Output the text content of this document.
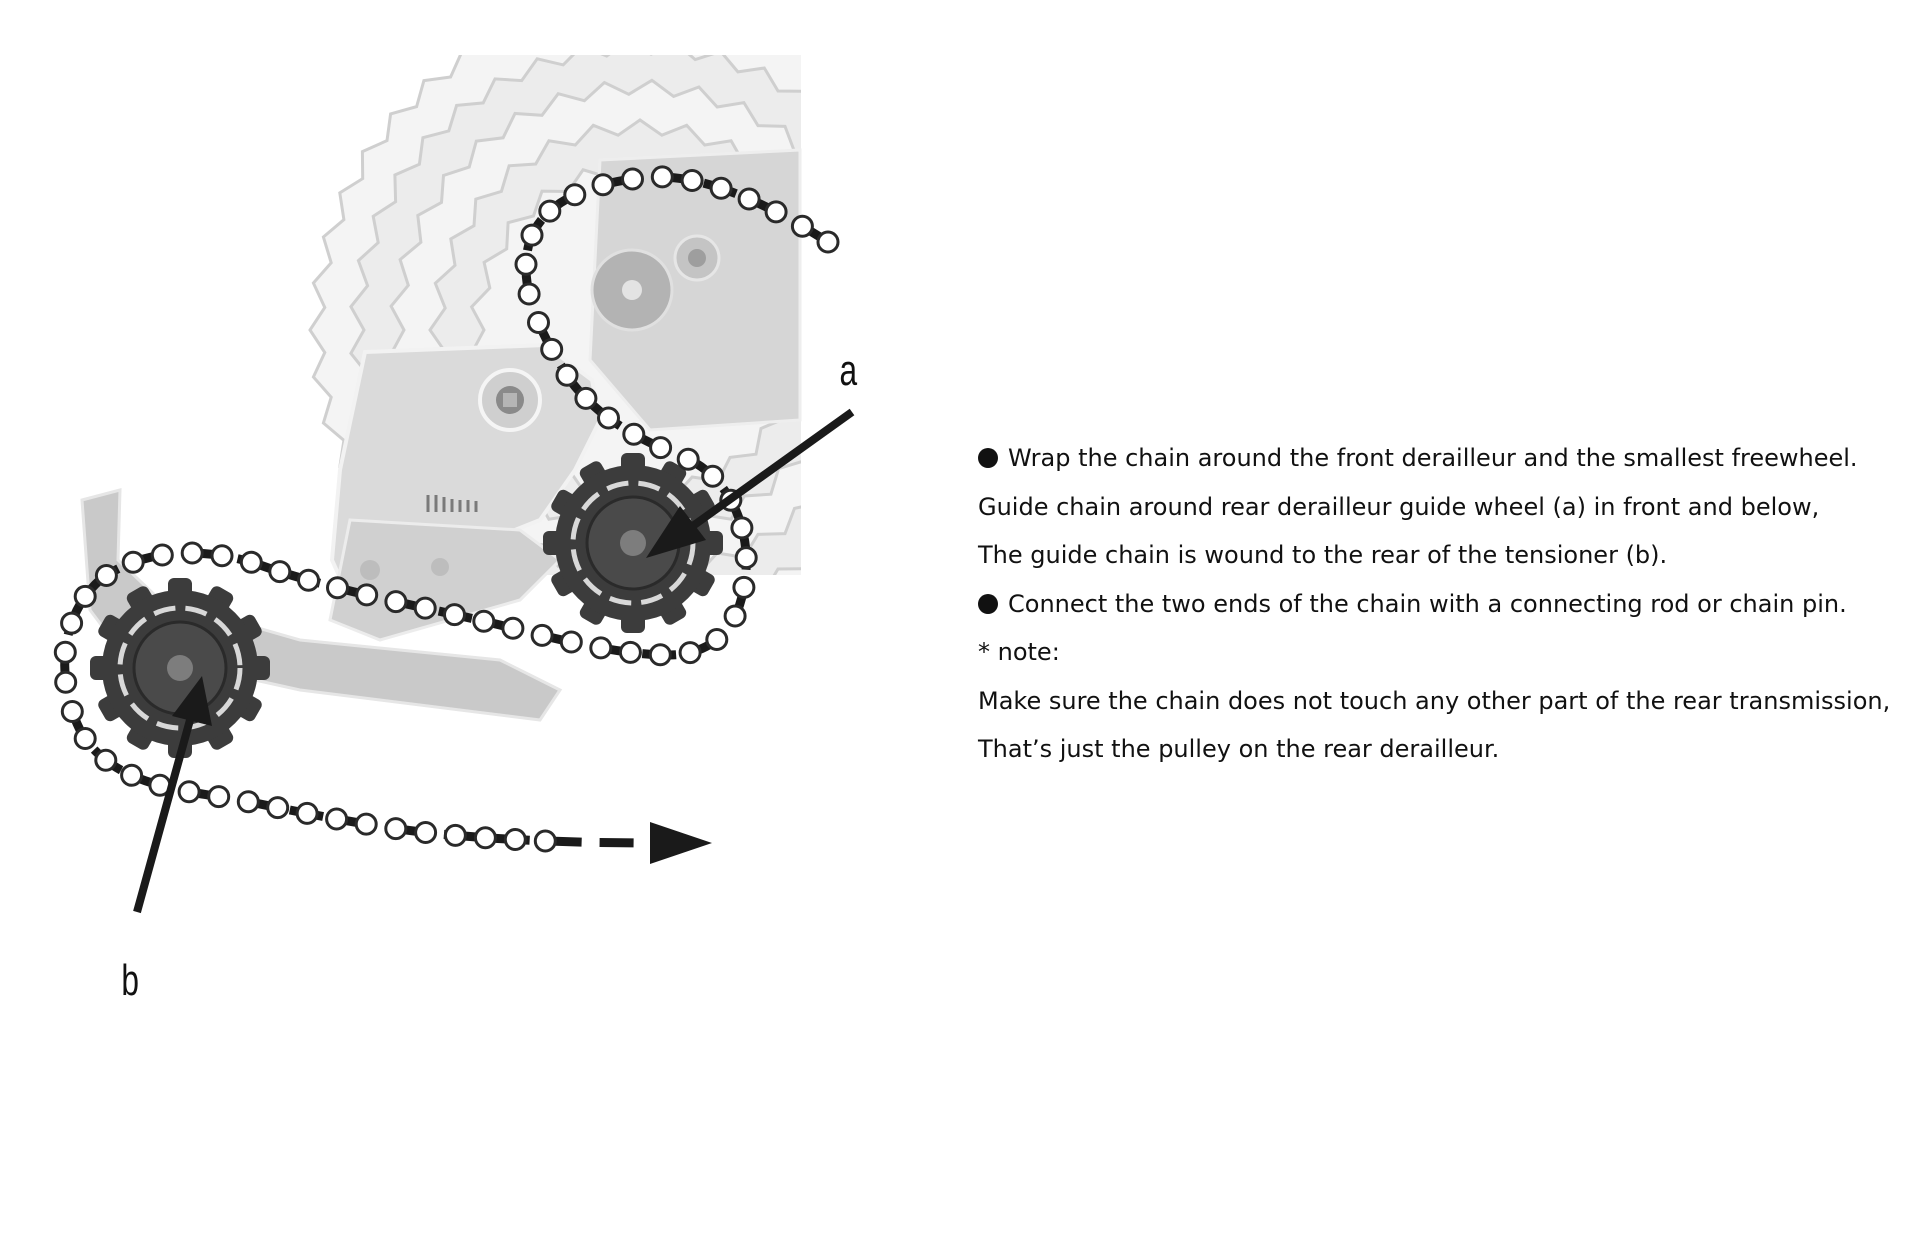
a
b

Wrap the chain around the front derailleur and the smallest freewheel.

Guide chain around rear derailleur guide wheel (a) in front and below,

The guide chain is wound to the rear of the tensioner (b).

Connect the two ends of the chain with a connecting rod or chain pin.

* note:

Make sure the chain does not touch any other part of the rear transmission,

That’s just the pulley on the rear derailleur.
